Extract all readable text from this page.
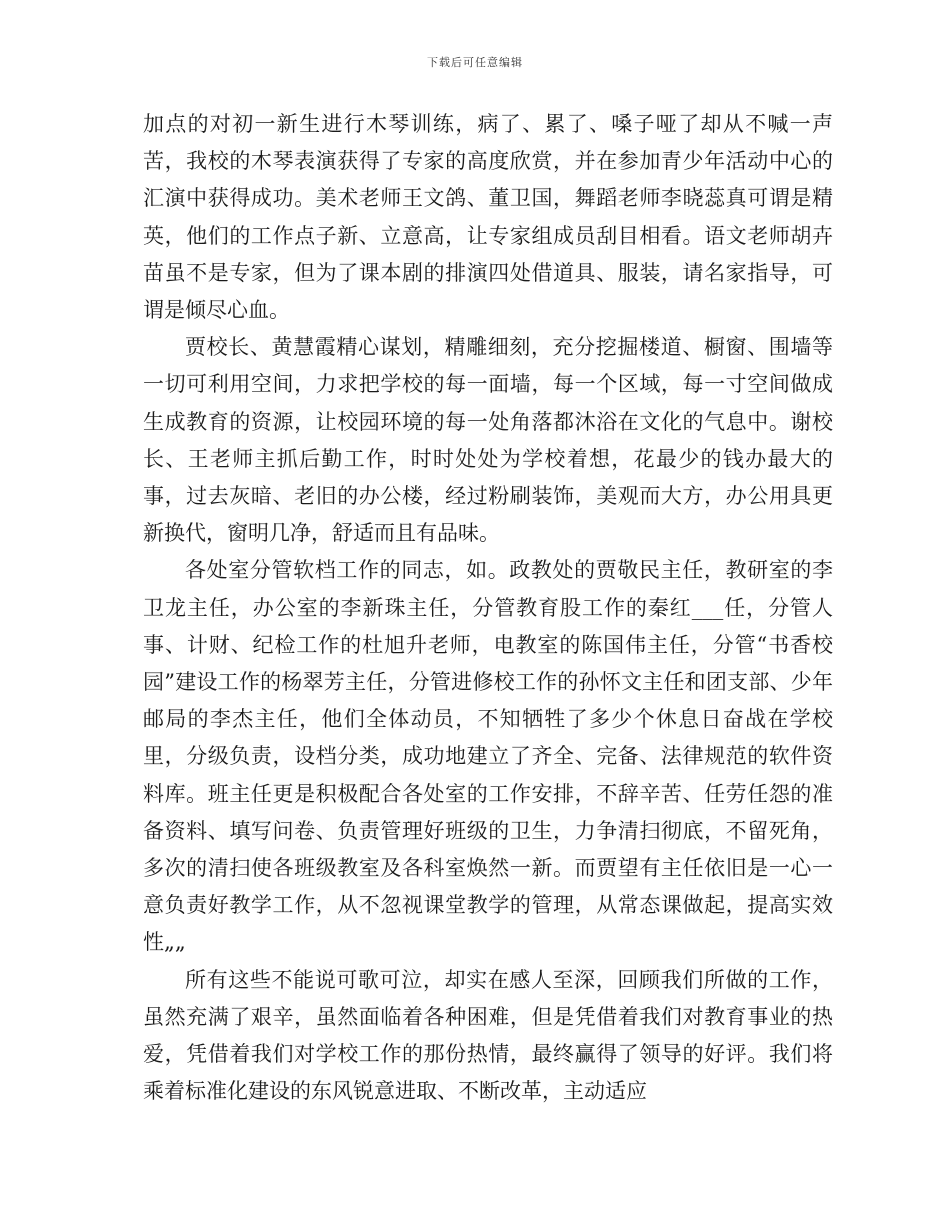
下载后可任意编辑

加点的对初一新生进行木琴训练，病了、累了、嗓子哑了却从不喊一声苦，我校的木琴表演获得了专家的高度欣赏，并在参加青少年活动中心的汇演中获得成功。美术老师王文鸽、董卫国，舞蹈老师李晓蕊真可谓是精英，他们的工作点子新、立意高，让专家组成员刮目相看。语文老师胡卉苗虽不是专家，但为了课本剧的排演四处借道具、服装，请名家指导，可谓是倾尽心血。

贾校长、黄慧霞精心谋划，精雕细刻，充分挖掘楼道、橱窗、围墙等一切可利用空间，力求把学校的每一面墙，每一个区域，每一寸空间做成生成教育的资源，让校园环境的每一处角落都沐浴在文化的气息中。谢校长、王老师主抓后勤工作，时时处处为学校着想，花最少的钱办最大的事，过去灰暗、老旧的办公楼，经过粉刷装饰，美观而大方，办公用具更新换代，窗明几净，舒适而且有品味。

各处室分管软档工作的同志，如。政教处的贾敬民主任，教研室的李卫龙主任，办公室的李新珠主任，分管教育股工作的秦红___任，分管人事、计财、纪检工作的杜旭升老师，电教室的陈国伟主任，分管“书香校园”建设工作的杨翠芳主任，分管进修校工作的孙怀文主任和团支部、少年邮局的李杰主任，他们全体动员，不知牺牲了多少个休息日奋战在学校里，分级负责，设档分类，成功地建立了齐全、完备、法律规范的软件资料库。班主任更是积极配合各处室的工作安排，不辞辛苦、任劳任怨的准备资料、填写问卷、负责管理好班级的卫生，力争清扫彻底，不留死角，多次的清扫使各班级教室及各科室焕然一新。而贾望有主任依旧是一心一意负责好教学工作，从不忽视课堂教学的管理，从常态课做起，提高实效性„„

所有这些不能说可歌可泣，却实在感人至深，回顾我们所做的工作，虽然充满了艰辛，虽然面临着各种困难，但是凭借着我们对教育事业的热爱，凭借着我们对学校工作的那份热情，最终赢得了领导的好评。我们将乘着标准化建设的东风锐意进取、不断改革，主动适应
